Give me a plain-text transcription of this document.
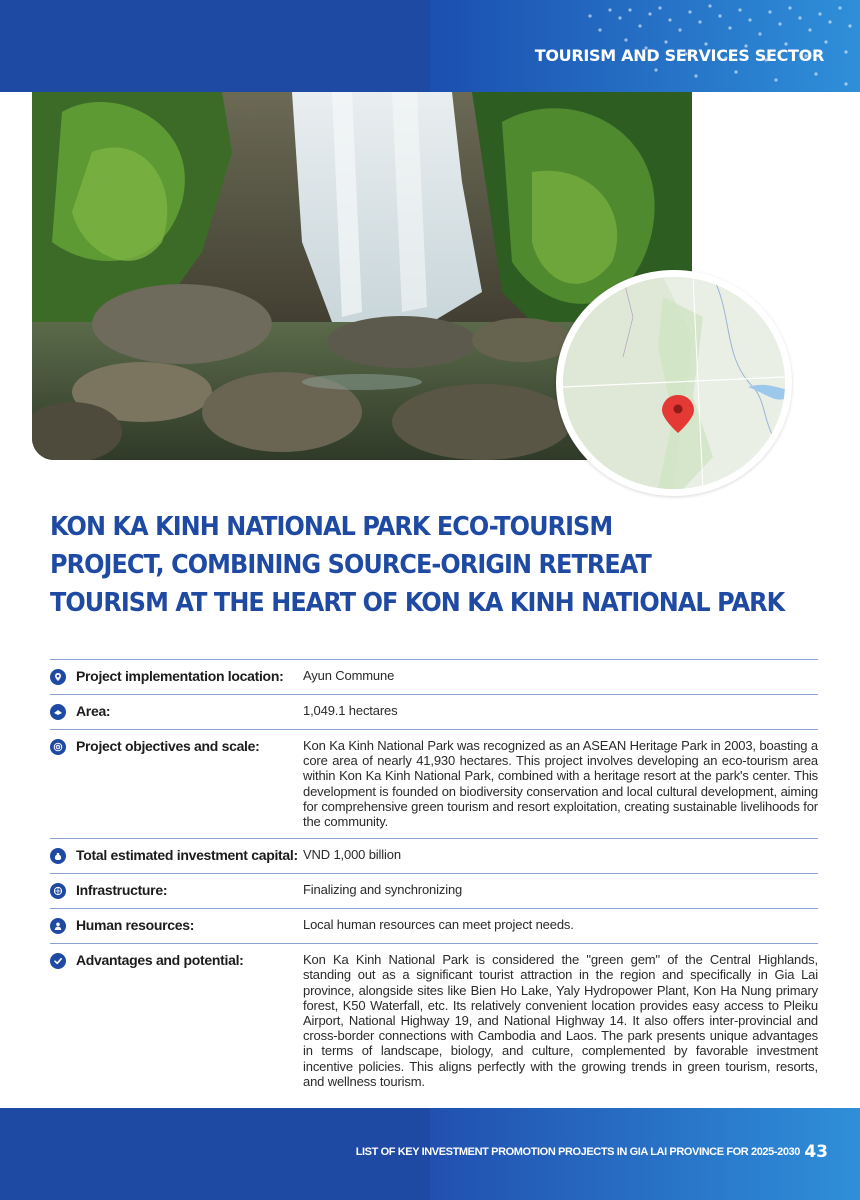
TOURISM AND SERVICES SECTOR
KON KA KINH NATIONAL PARK ECO-TOURISM
PROJECT, COMBINING SOURCE-ORIGIN RETREAT
TOURISM AT THE HEART OF KON KA KINH NATIONAL PARK
Project implementation location: Ayun Commune
Area:	1,049.1 hectares
Project objectives and scale:	Kon Ka Kinh National Park was recognized as an ASEAN Heritage Park in 2003, boasting a core area of nearly 41,930 hectares. This project involves developing an eco-tourism area within Kon Ka Kinh National Park, combined with a heritage resort at the park's center. This development is founded on biodiversity conservation and local cultural development, aiming for comprehensive green tourism and resort exploitation, creating sustainable livelihoods for the community.
Total estimated investment capital: VND 1,000 billion
Infrastructure:	Finalizing and synchronizing
Human resources:	Local human resources can meet project needs.
Advantages and potential:	Kon Ka Kinh National Park is considered the "green gem" of the Central Highlands, standing out as a significant tourist attraction in the region and specifically in Gia Lai province, alongside sites like Bien Ho Lake, Yaly Hydropower Plant, Kon Ha Nung primary forest, K50 Waterfall, etc. Its relatively convenient location provides easy access to Pleiku Airport, National Highway 19, and National Highway 14. It also offers inter-provincial and cross-border connections with Cambodia and Laos. The park presents unique advantages in terms of landscape, biology, and culture, complemented by favorable investment incentive policies. This aligns perfectly with the growing trends in green tourism, resorts, and wellness tourism.
LIST OF KEY INVESTMENT PROMOTION PROJECTS IN GIA LAI PROVINCE FOR 2025-2030 43
